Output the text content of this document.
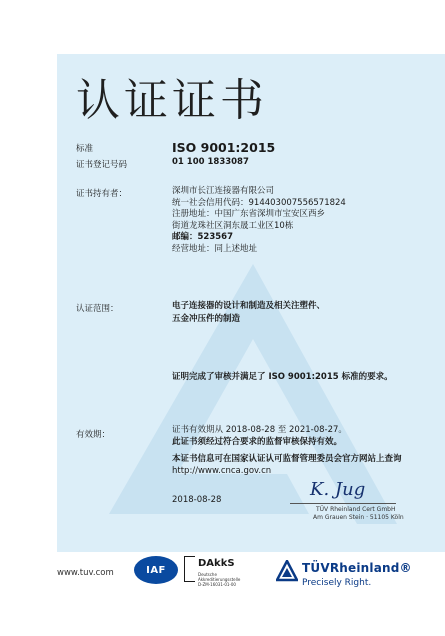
认证证书
标准	ISO 9001:2015
证书登记号码	01 100 1833087
证书持有者：	深圳市长江连接器有限公司
统一社会信用代码：914403007556571824
注册地址：中国广东省深圳市宝安区西乡
街道龙珠社区洞东晟工业区10栋
邮编：523567
经营地址：同上述地址
认证范围：	电子连接器的设计和制造及相关注塑件、
五金冲压件的制造
证明完成了审核并满足了 ISO 9001:2015 标准的要求。
有效期：	证书有效期从 2018-08-28 至 2021-08-27。
此证书须经过符合要求的监督审核保持有效。
本证书信息可在国家认证认可监督管理委员会官方网站上查询
http://www.cnca.gov.cn
2018-08-28	K. Jug
TÜV Rheinland Cert GmbH
Am Grauen Stein · 51105 Köln
www.tuv.com	IAF
DAkkS
Deutsche
Akkreditierungsstelle
D-ZM-16031-01-00
TÜVRheinland®
Precisely Right.
